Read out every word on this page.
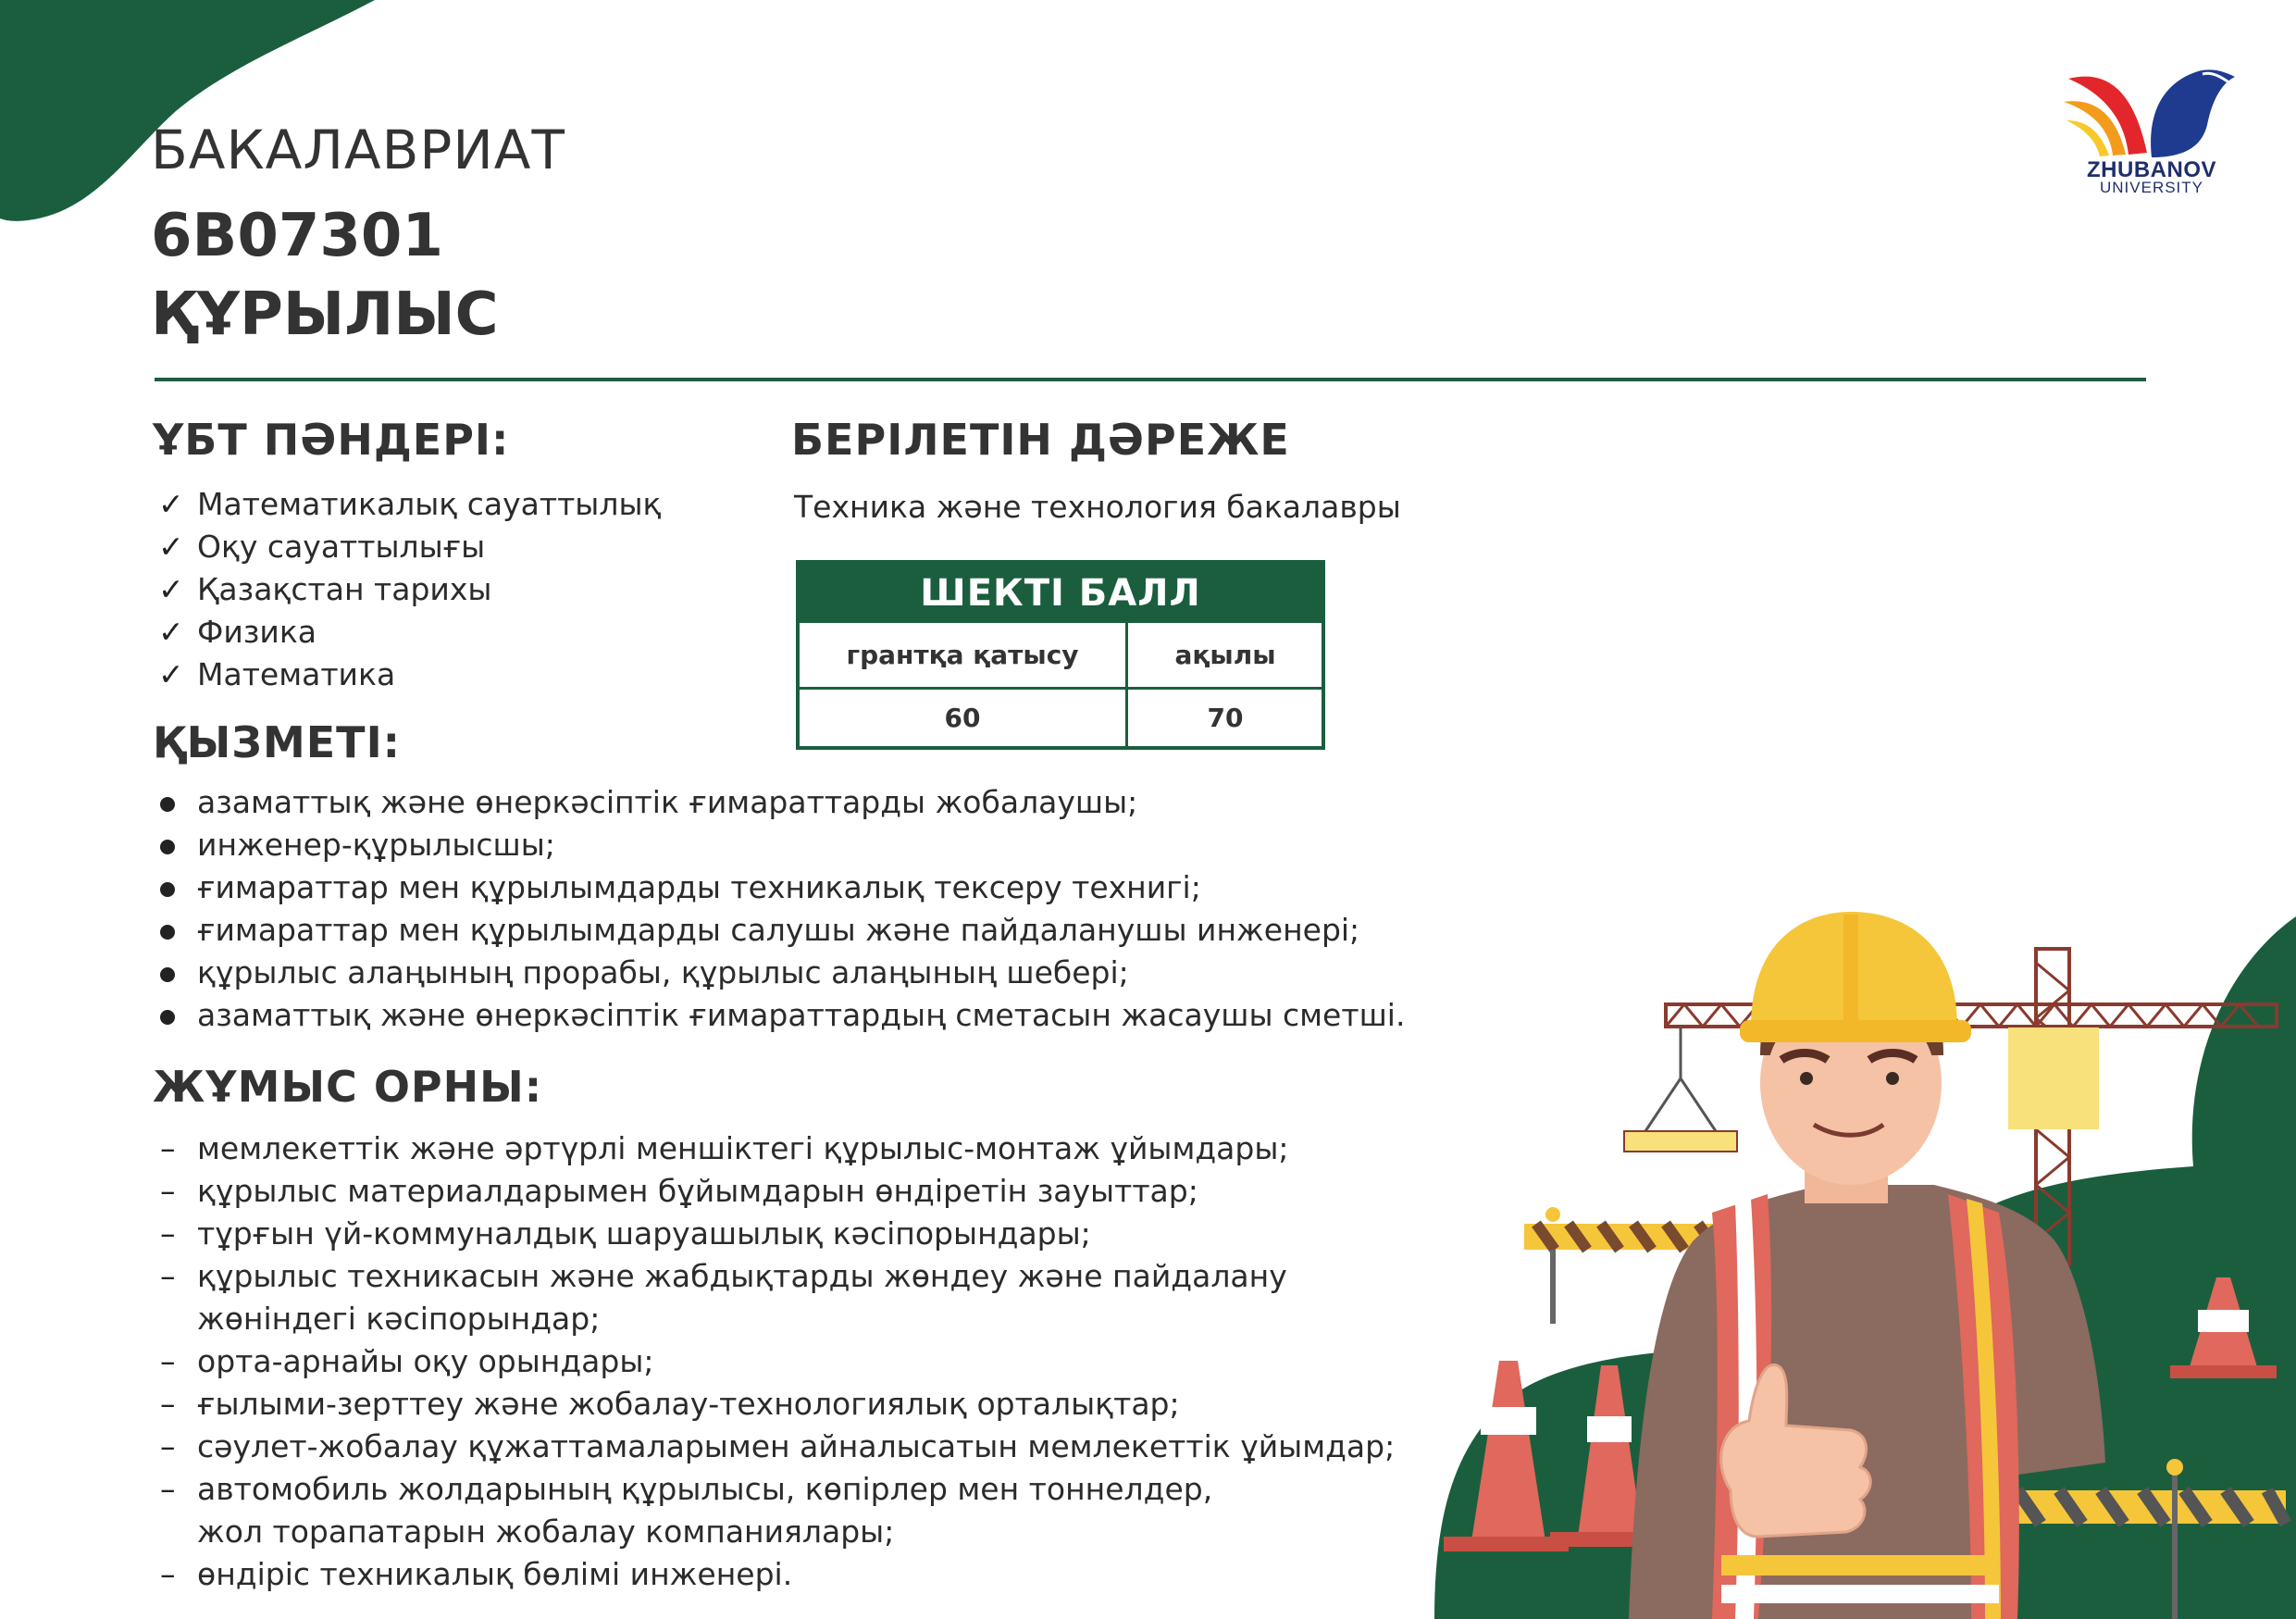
ZHUBANOV
UNIVERSITY
БАКАЛАВРИАТ
6B07301
ҚҰРЫЛЫС
ҰБТ ПӘНДЕРІ:
✓ Математикалық сауаттылық
✓ Оқу сауаттылығы
✓ Қазақстан тарихы
✓ Физика
✓ Математика
БЕРІЛЕТІН ДӘРЕЖЕ
Техника және технология бакалавры
ШЕКТІ БАЛЛ
грантқа қатысу	ақылы
60	70
ҚЫЗМЕТІ:
азаматтық және өнеркәсіптік ғимараттарды жобалаушы;
инженер-құрылысшы;
ғимараттар мен құрылымдарды техникалық тексеру технигі;
ғимараттар мен құрылымдарды салушы және пайдаланушы инженері;
құрылыс алаңының прорабы, құрылыс алаңының шебері;
азаматтық және өнеркәсіптік ғимараттардың сметасын жасаушы сметші.
ЖҰМЫС ОРНЫ:
– мемлекеттік және әртүрлі меншіктегі құрылыс-монтаж ұйымдары;
– құрылыс материалдарымен бұйымдарын өндіретін зауыттар;
– тұрғын үй-коммуналдық шаруашылық кәсіпорындары;
– құрылыс техникасын және жабдықтарды жөндеу және пайдалану
жөніндегі кәсіпорындар;
– орта-арнайы оқу орындары;
– ғылыми-зерттеу және жобалау-технологиялық орталықтар;
– сәулет-жобалау құжаттамаларымен айналысатын мемлекеттік ұйымдар;
– автомобиль жолдарының құрылысы, көпірлер мен тоннелдер,
жол торапатарын жобалау компаниялары;
– өндіріс техникалық бөлімі инженері.
